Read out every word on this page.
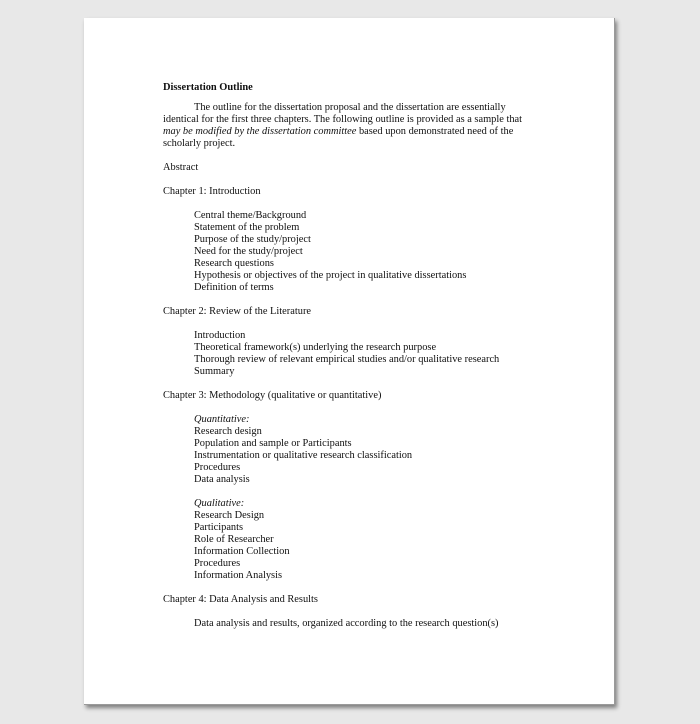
Dissertation Outline
The outline for the dissertation proposal and the dissertation are essentially identical for the first three chapters. The following outline is provided as a sample that may be modified by the dissertation committee based upon demonstrated need of the scholarly project.
Abstract
Chapter 1: Introduction
Central theme/Background
Statement of the problem
Purpose of the study/project
Need for the study/project
Research questions
Hypothesis or objectives of the project in qualitative dissertations
Definition of terms
Chapter 2: Review of the Literature
Introduction
Theoretical framework(s) underlying the research purpose
Thorough review of relevant empirical studies and/or qualitative research
Summary
Chapter 3: Methodology (qualitative or quantitative)
Quantitative:
Research design
Population and sample or Participants
Instrumentation or qualitative research classification
Procedures
Data analysis
Qualitative:
Research Design
Participants
Role of Researcher
Information Collection
Procedures
Information Analysis
Chapter 4: Data Analysis and Results
Data analysis and results, organized according to the research question(s)
